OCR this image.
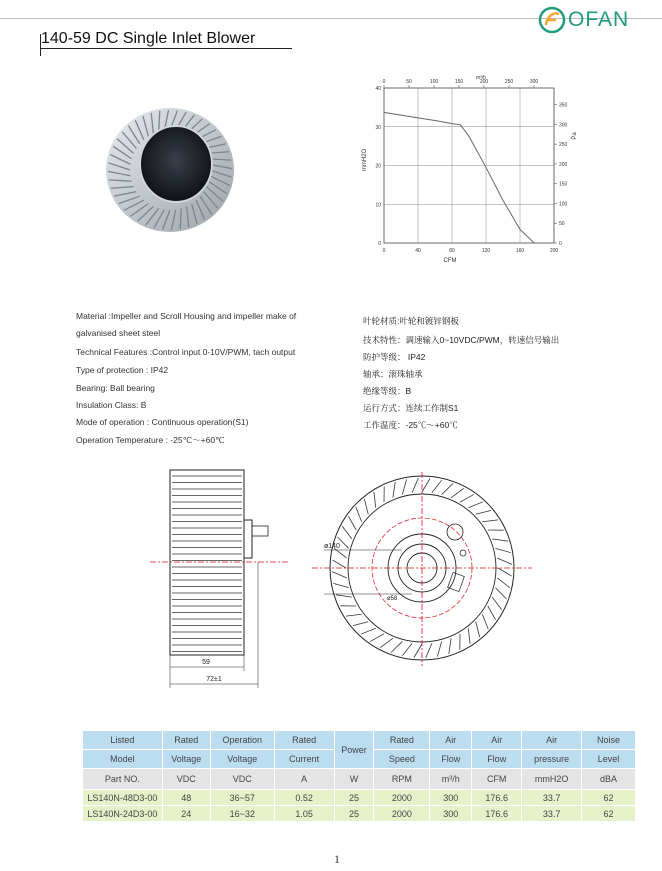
140-59 DC Single Inlet Blower
OFAN
0	40	80	120	160	200
0
10
20
30
40
0	50	100	150	200	250	300
0
50
100
150
200
250
300
350
mmH2O
Pa
CFM
m³/h
Material :Impeller and Scroll Housing and impeller make of
galvanised sheet steel
Technical Features :Control input 0-10V/PWM, tach output
Type of protection : IP42
Bearing: Ball bearing
Insulation Class: B
Mode of operation : Continuous operation(S1)
Operation Temperature : -25℃～+60℃
叶轮材质:叶轮和镀锌钢板
技术特性：调速输入0~10VDC/PWM，转速信号输出
防护等级： IP42
轴承：滚珠轴承
绝缘等级：B
运行方式：连续工作制S1
工作温度：-25℃～+60℃
59
72±1
ø140
ø58
Listed	Rated	Operation	Rated	Power	Rated	Air	Air	Air	Noise
Model	Voltage	Voltage	Current		Speed	Flow	Flow	pressure	Level
Part NO.	VDC	VDC	A	W	RPM	m³/h	CFM	mmH2O	dBA
LS140N-48D3-00	48	36~57	0.52	25	2000	300	176.6	33.7	62
LS140N-24D3-00	24	16~32	1.05	25	2000	300	176.6	33.7	62
1
